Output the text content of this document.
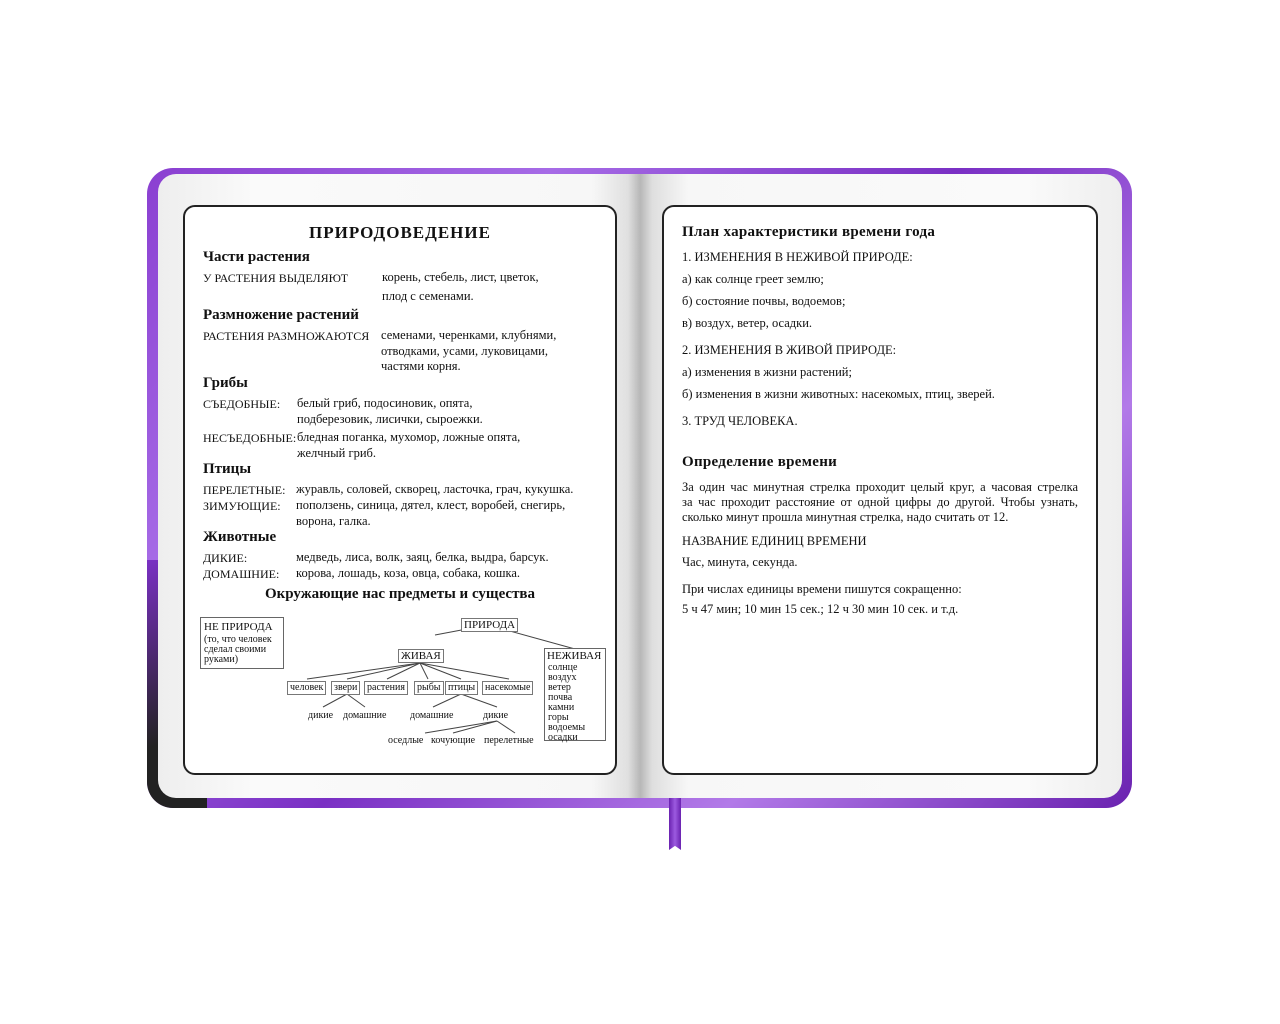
ПРИРОДОВЕДЕНИЕ
Части растения
У РАСТЕНИЯ ВЫДЕЛЯЮТ	корень, стебель, лист, цветок,
плод с семенами.
Размножение растений
РАСТЕНИЯ РАЗМНОЖАЮТСЯ семенами, черенками, клубнями,
отводками, усами, луковицами,
частями корня.
Грибы
СЪЕДОБНЫЕ: белый гриб, подосиновик, опята,
подберезовик, лисички, сыроежки.
НЕСЪЕДОБНЫЕ: бледная поганка, мухомор, ложные опята,
желчный гриб.
Птицы
ПЕРЕЛЕТНЫЕ: журавль, соловей, скворец, ласточка, грач, кукушка.
ЗИМУЮЩИЕ: поползень, синица, дятел, клест, воробей, снегирь,
ворона, галка.
Животные
ДИКИЕ:	медведь, лиса, волк, заяц, белка, выдра, барсук.
ДОМАШНИЕ: корова, лошадь, коза, овца, собака, кошка.
Окружающие нас предметы и существа
НЕ ПРИРОДА
(то, что человек
сделал своими
руками)
ПРИРОДА
ЖИВАЯ	НЕЖИВАЯ
солнце
воздух
ветер
почва
камни
горы
водоемы
осадки
человек	звери растения	рыбы птицы насекомые
дикие домашние домашние	дикие
оседлые кочующие перелетные
План характеристики времени года
1. ИЗМЕНЕНИЯ В НЕЖИВОЙ ПРИРОДЕ:
а) как солнце греет землю;
б) состояние почвы, водоемов;
в) воздух, ветер, осадки.
2. ИЗМЕНЕНИЯ В ЖИВОЙ ПРИРОДЕ:
а) изменения в жизни растений;
б) изменения в жизни животных: насекомых, птиц, зверей.
3. ТРУД ЧЕЛОВЕКА.
Определение времени
За один час минутная стрелка проходит целый круг, а часовая стрелка
за час проходит расстояние от одной цифры до другой. Чтобы узнать,
сколько минут прошла минутная стрелка, надо считать от 12.
НАЗВАНИЕ ЕДИНИЦ ВРЕМЕНИ
Час, минута, секунда.
При числах единицы времени пишутся сокращенно:
5 ч 47 мин; 10 мин 15 сек.; 12 ч 30 мин 10 сек. и т.д.
